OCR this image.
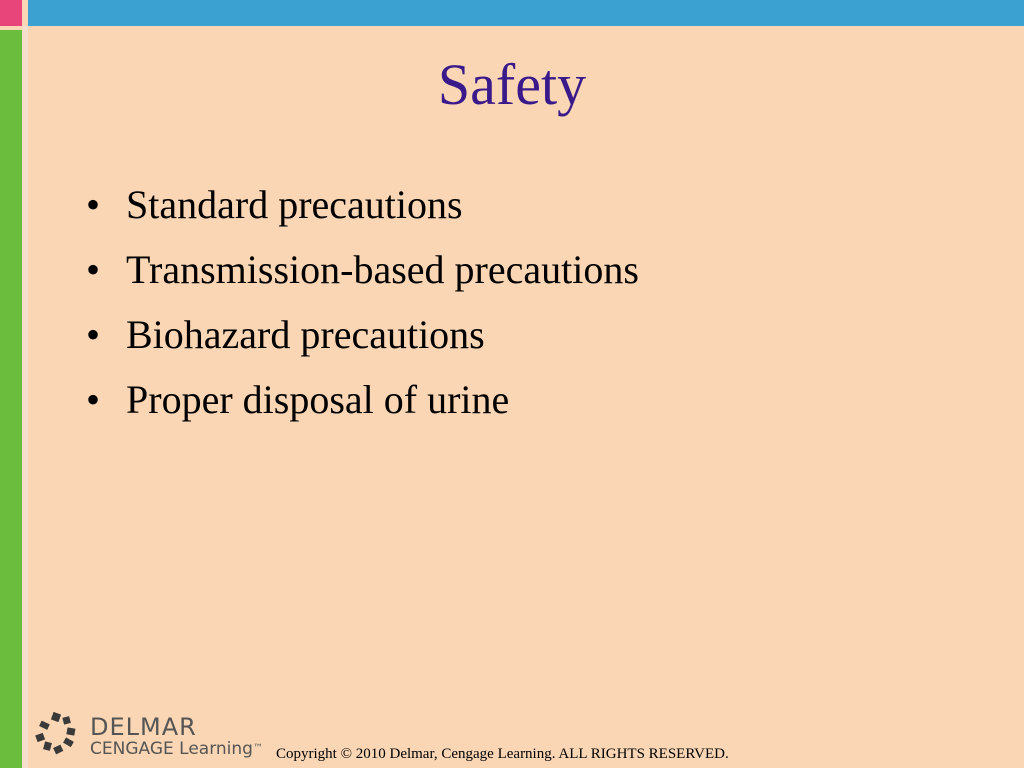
Safety
• Standard precautions
• Transmission-based precautions
• Biohazard precautions
• Proper disposal of urine
DELMAR
CENGAGE Learning™ Copyright © 2010 Delmar, Cengage Learning. ALL RIGHTS RESERVED.
